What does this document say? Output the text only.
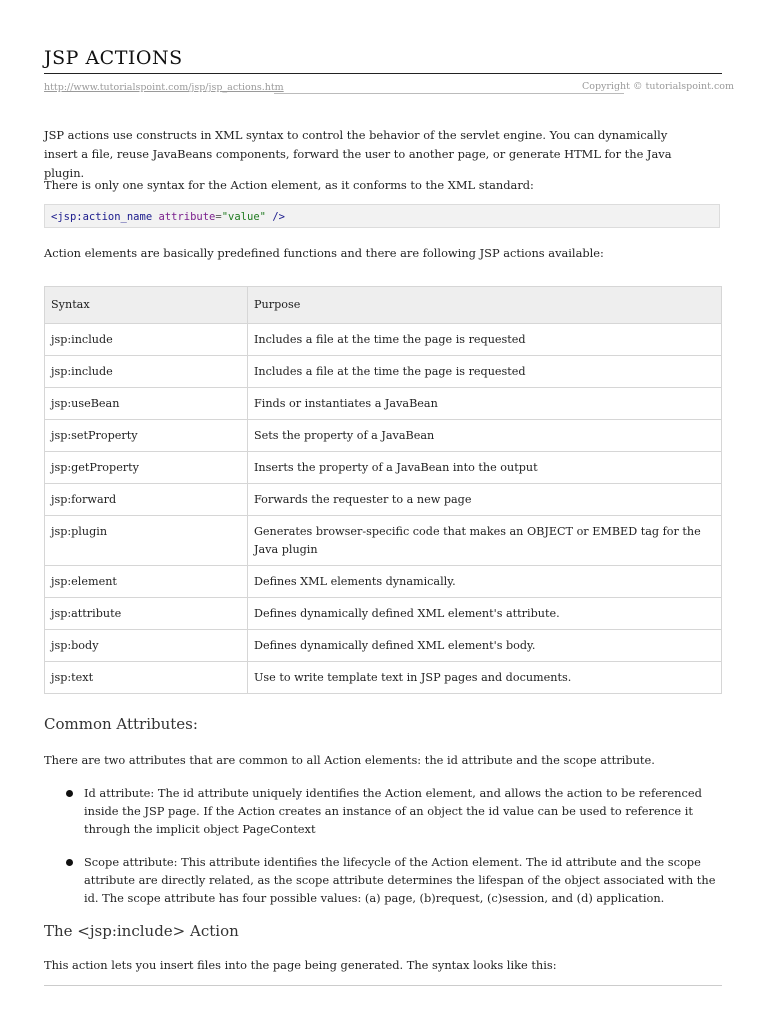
JSP ACTIONS
http://www.tutorialspoint.com/jsp/jsp_actions.htm	Copyright © tutorialspoint.com

JSP actions use constructs in XML syntax to control the behavior of the servlet engine. You can dynamically insert a file, reuse JavaBeans components, forward the user to another page, or generate HTML for the Java plugin.

There is only one syntax for the Action element, as it conforms to the XML standard:

<jsp:action_name attribute="value" />

Action elements are basically predefined functions and there are following JSP actions available:

Syntax	Purpose
jsp:include	Includes a file at the time the page is requested
jsp:include	Includes a file at the time the page is requested
jsp:useBean	Finds or instantiates a JavaBean
jsp:setProperty	Sets the property of a JavaBean
jsp:getProperty	Inserts the property of a JavaBean into the output
jsp:forward	Forwards the requester to a new page
jsp:plugin	Generates browser-specific code that makes an OBJECT or EMBED tag for the Java plugin
jsp:element	Defines XML elements dynamically.
jsp:attribute	Defines dynamically defined XML element's attribute.
jsp:body	Defines dynamically defined XML element's body.
jsp:text	Use to write template text in JSP pages and documents.
Common Attributes:

There are two attributes that are common to all Action elements: the id attribute and the scope attribute.

Id attribute: The id attribute uniquely identifies the Action element, and allows the action to be referenced inside the JSP page. If the Action creates an instance of an object the id value can be used to reference it through the implicit object PageContext
Scope attribute: This attribute identifies the lifecycle of the Action element. The id attribute and the scope attribute are directly related, as the scope attribute determines the lifespan of the object associated with the id. The scope attribute has four possible values: (a) page, (b)request, (c)session, and (d) application.
The <jsp:include> Action

This action lets you insert files into the page being generated. The syntax looks like this:
